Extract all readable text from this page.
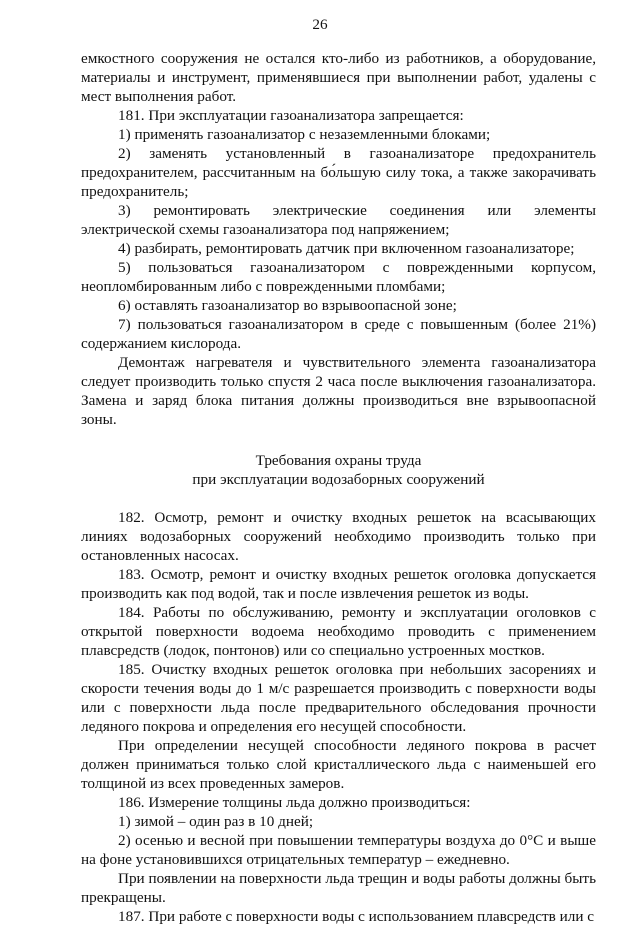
26

емкостного сооружения не остался кто-либо из работников, а оборудование, материалы и инструмент, применявшиеся при выполнении работ, удалены с мест выполнения работ.

181. При эксплуатации газоанализатора запрещается:

1) применять газоанализатор с незаземленными блоками;

2) заменять установленный в газоанализаторе предохранитель предохранителем, рассчитанным на бо́льшую силу тока, а также закорачивать предохранитель;

3) ремонтировать электрические соединения или элементы электрической схемы газоанализатора под напряжением;

4) разбирать, ремонтировать датчик при включенном газоанализаторе;

5) пользоваться газоанализатором с поврежденными корпусом, неопломбированным либо с поврежденными пломбами;

6) оставлять газоанализатор во взрывоопасной зоне;

7) пользоваться газоанализатором в среде с повышенным (более 21%) содержанием кислорода.

Демонтаж нагревателя и чувствительного элемента газоанализатора следует производить только спустя 2 часа после выключения газоанализатора. Замена и заряд блока питания должны производиться вне взрывоопасной зоны.

Требования охраны труда

при эксплуатации водозаборных сооружений

182. Осмотр, ремонт и очистку входных решеток на всасывающих линиях водозаборных сооружений необходимо производить только при остановленных насосах.

183. Осмотр, ремонт и очистку входных решеток оголовка допускается производить как под водой, так и после извлечения решеток из воды.

184. Работы по обслуживанию, ремонту и эксплуатации оголовков с открытой поверхности водоема необходимо проводить с применением плавсредств (лодок, понтонов) или со специально устроенных мостков.

185. Очистку входных решеток оголовка при небольших засорениях и скорости течения воды до 1 м/с разрешается производить с поверхности воды или с поверхности льда после предварительного обследования прочности ледяного покрова и определения его несущей способности.

При определении несущей способности ледяного покрова в расчет должен приниматься только слой кристаллического льда с наименьшей его толщиной из всех проведенных замеров.

186. Измерение толщины льда должно производиться:

1) зимой – один раз в 10 дней;

2) осенью и весной при повышении температуры воздуха до 0°С и выше на фоне установившихся отрицательных температур – ежедневно.

При появлении на поверхности льда трещин и воды работы должны быть прекращены.

187. При работе с поверхности воды с использованием плавсредств или с
